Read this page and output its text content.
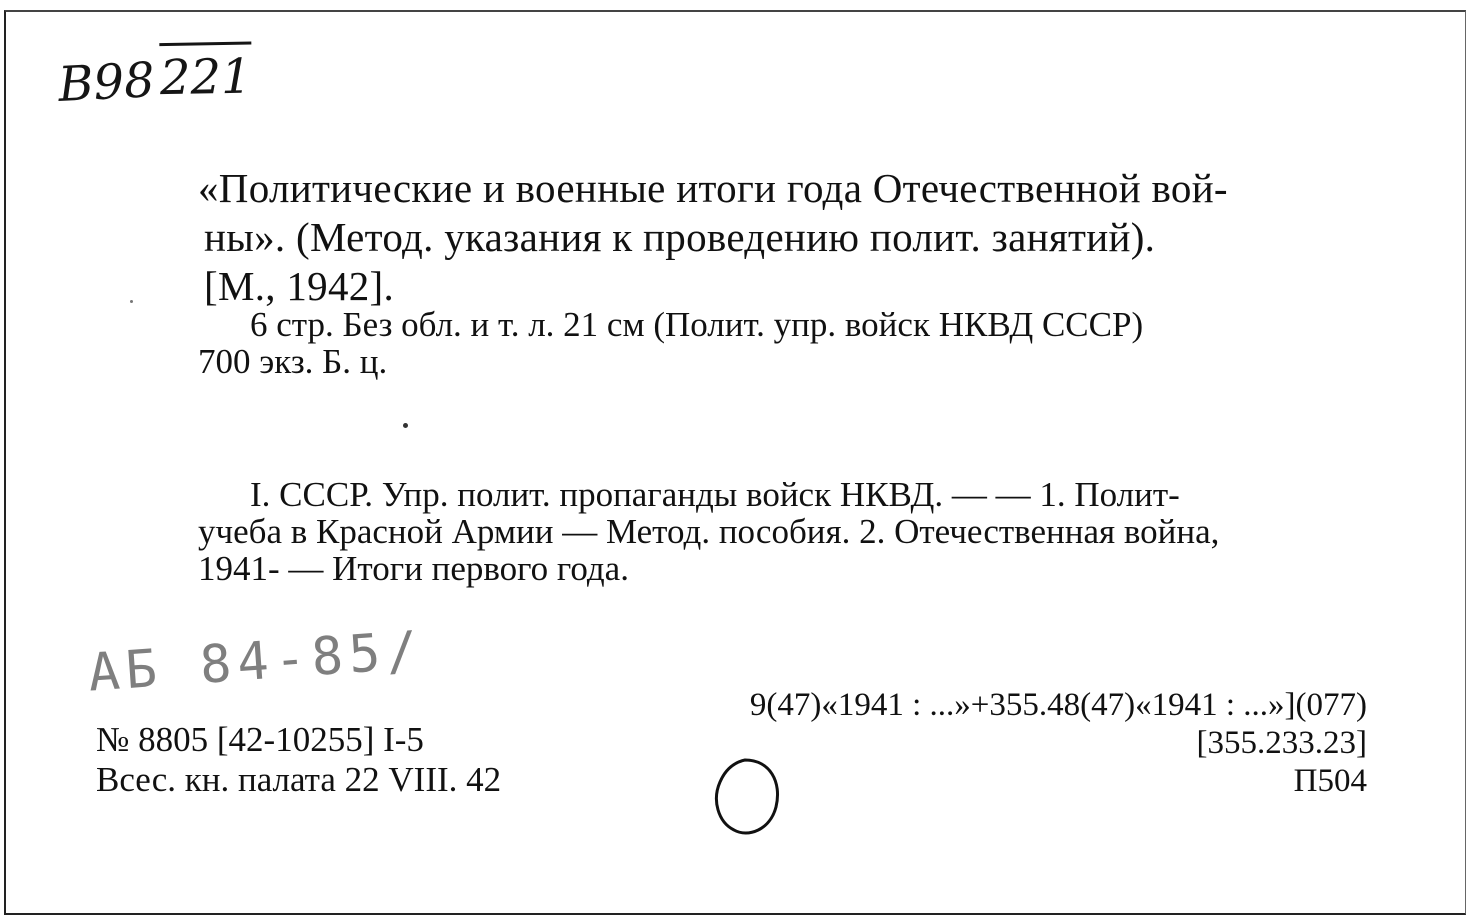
В98221
«Политические и военные итоги года Отечественной вой-
ны». (Метод. указания к проведению полит. занятий).
[М., 1942].
6 стр. Без обл. и т. л. 21 см (Полит. упр. войск НКВД СССР)
700 экз. Б. ц.
I. СССР. Упр. полит. пропаганды войск НКВД. — — 1. Полит-
учеба в Красной Армии — Метод. пособия. 2. Отечественная война,
1941- — Итоги первого года.
АБ 84-85/
№ 8805 [42-10255] I-5
Всес. кн. палата 22 VIII. 42
9(47)«1941 : ...»+355.48(47)«1941 : ...»](077)
[355.233.23]
П504
